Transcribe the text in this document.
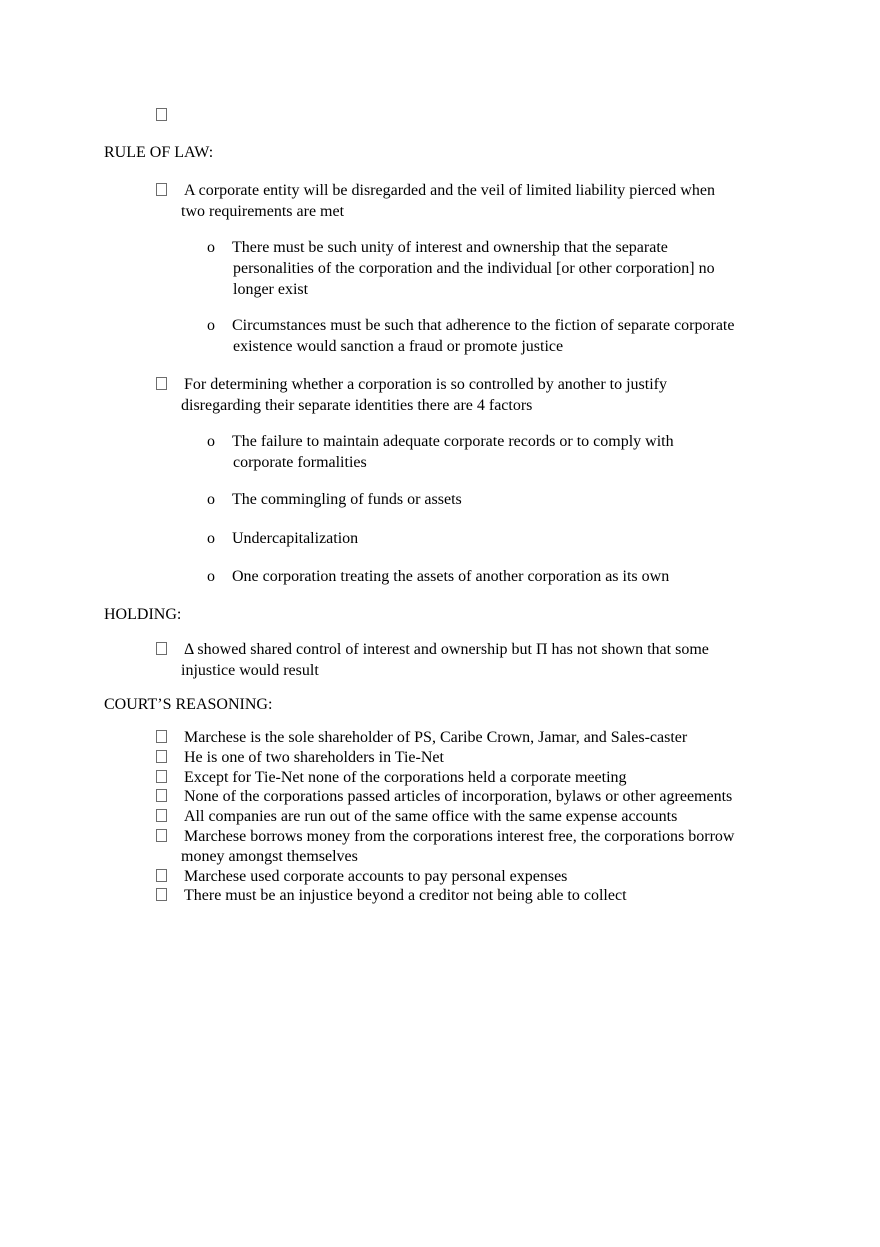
RULE OF LAW:

A corporate entity will be disregarded and the veil of limited liability pierced when
two requirements are met
o There must be such unity of interest and ownership that the separate
personalities of the corporation and the individual [or other corporation] no
longer exist
o Circumstances must be such that adherence to the fiction of separate corporate
existence would sanction a fraud or promote justice
For determining whether a corporation is so controlled by another to justify
disregarding their separate identities there are 4 factors
o The failure to maintain adequate corporate records or to comply with
corporate formalities
o The commingling of funds or assets
o Undercapitalization
o One corporation treating the assets of another corporation as its own

HOLDING:

Δ showed shared control of interest and ownership but Π has not shown that some
injustice would result

COURT’S REASONING:

Marchese is the sole shareholder of PS, Caribe Crown, Jamar, and Sales-caster
He is one of two shareholders in Tie-Net
Except for Tie-Net none of the corporations held a corporate meeting
None of the corporations passed articles of incorporation, bylaws or other agreements
All companies are run out of the same office with the same expense accounts
Marchese borrows money from the corporations interest free, the corporations borrow
money amongst themselves
Marchese used corporate accounts to pay personal expenses
There must be an injustice beyond a creditor not being able to collect
